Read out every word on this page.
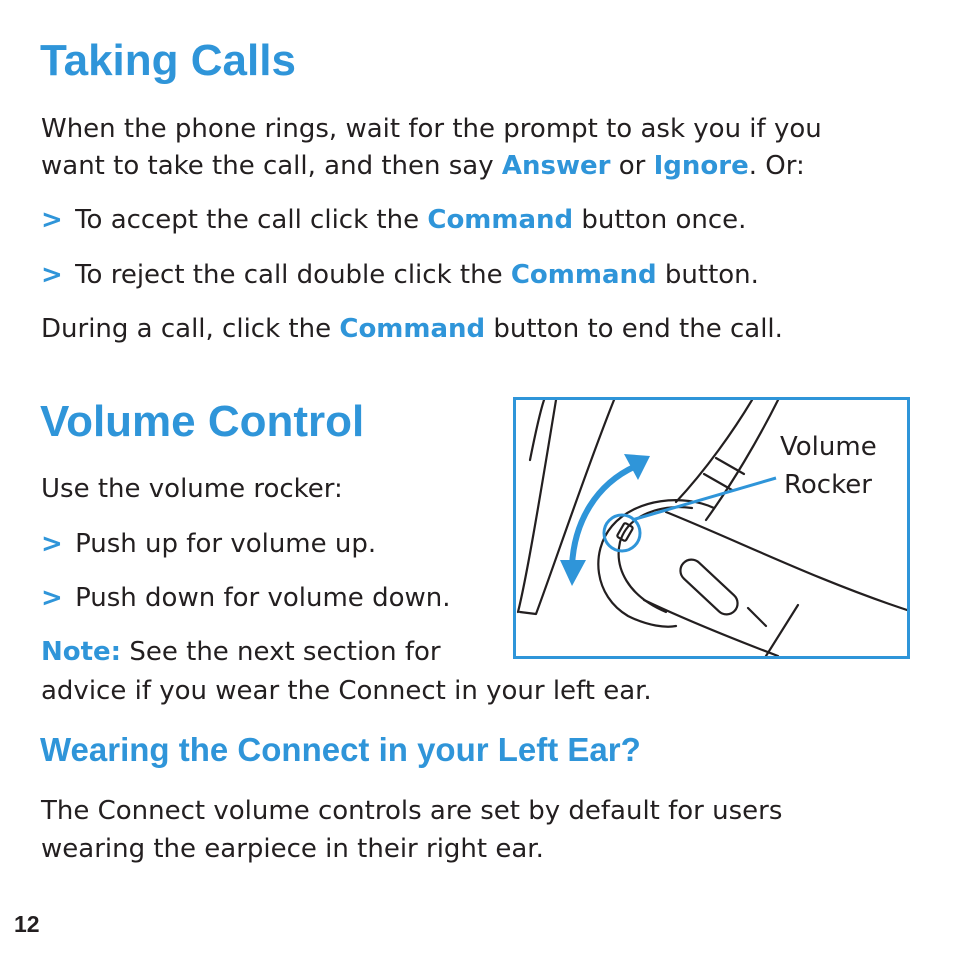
Taking Calls
When the phone rings, wait for the prompt to ask you if you
want to take the call, and then say Answer or Ignore. Or:
> To accept the call click the Command button once.
> To reject the call double click the Command button.
During a call, click the Command button to end the call.
Volume Control
Use the volume rocker:
> Push up for volume up.
> Push down for volume down.
Note: See the next section for
advice if you wear the Connect in your left ear.
Volume
Rocker
Wearing the Connect in your Left Ear?
The Connect volume controls are set by default for users
wearing the earpiece in their right ear.
12
